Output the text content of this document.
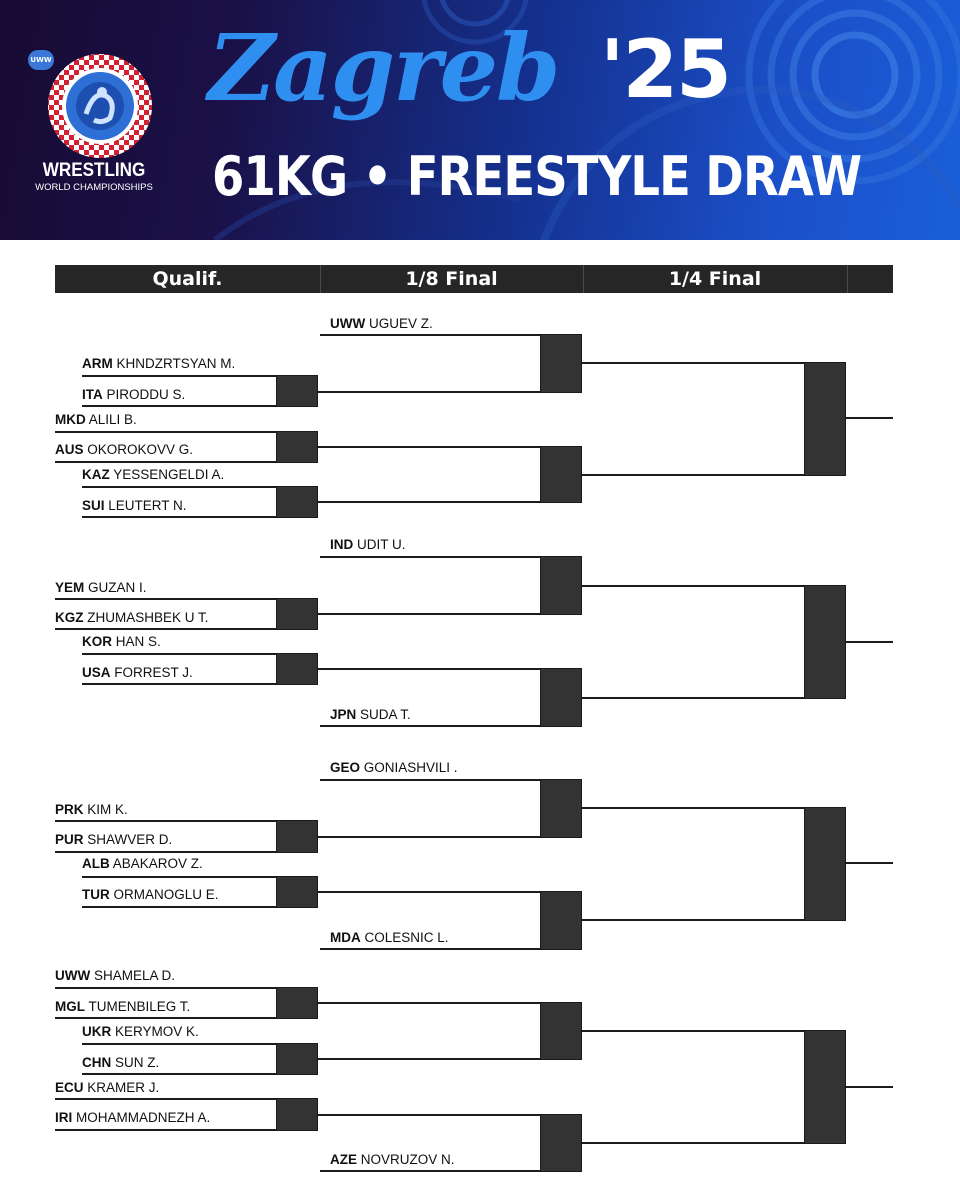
UWW
WRESTLING
WORLD CHAMPIONSHIPS
Zagreb '25
61KG • FREESTYLE DRAW
Qualif.	1/8 Final	1/4 Final
UWW UGUEV Z.
ARM KHNDZRTSYAN M.
ITA PIRODDU S.
MKD ALILI B.
AUS OKOROKOVV G.
KAZ YESSENGELDI A.
SUI LEUTERT N.
IND UDIT U.
YEM GUZAN I.
KGZ ZHUMASHBEK U T.
KOR HAN S.
USA FORREST J.
JPN SUDA T.
GEO GONIASHVILI .
PRK KIM K.
PUR SHAWVER D.
ALB ABAKAROV Z.
TUR ORMANOGLU E.
MDA COLESNIC L.
UWW SHAMELA D.
MGL TUMENBILEG T.
UKR KERYMOV K.
CHN SUN Z.
ECU KRAMER J.
IRI MOHAMMADNEZH A.
AZE NOVRUZOV N.
